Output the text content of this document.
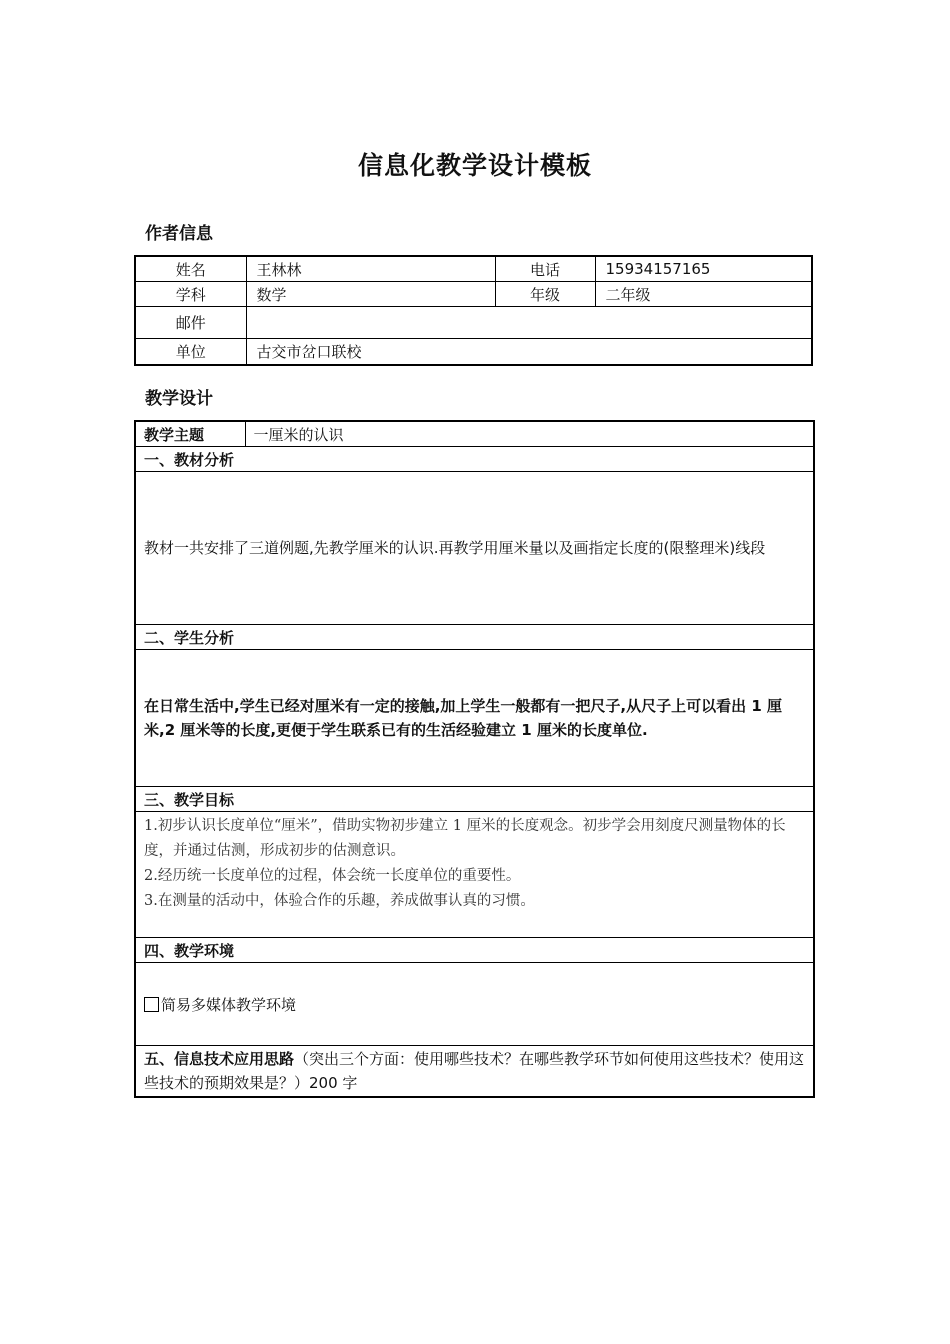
信息化教学设计模板
作者信息
姓名	王林林	电话	15934157165
学科	数学	年级	二年级
邮件			
单位	古交市岔口联校		
教学设计
教学主题	一厘米的认识
一、教材分析
教材一共安排了三道例题,先教学厘米的认识.再教学用厘米量以及画指定长度的(限整理米)线段
二、学生分析
在日常生活中,学生已经对厘米有一定的接触,加上学生一般都有一把尺子,从尺子上可以看出 1 厘米,2 厘米等的长度,更便于学生联系已有的生活经验建立 1 厘米的长度单位.
三、教学目标

1.初步认识长度单位“厘米”，借助实物初步建立 1 厘米的长度观念。初步学会用刻度尺测量物体的长度，并通过估测，形成初步的估测意识。
2.经历统一长度单位的过程，体会统一长度单位的重要性。
3.在测量的活动中，体验合作的乐趣，养成做事认真的习惯。

四、教学环境
简易多媒体教学环境
五、信息技术应用思路（突出三个方面：使用哪些技术？在哪些教学环节如何使用这些技术？使用这些技术的预期效果是？）200 字
